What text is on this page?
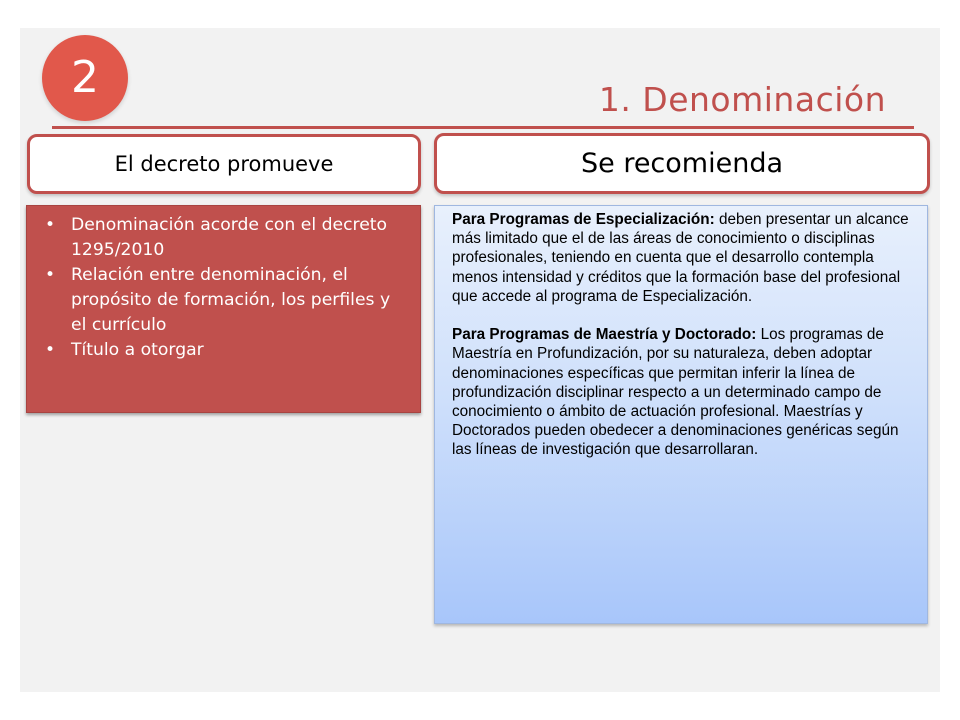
2	1. Denominación
El decreto promueve	Se recomienda
• Denominación acorde con el decreto 1295/2010
• Relación entre denominación, el propósito de formación, los perfiles y el currículo
• Título a otorgar

Para Programas de Especialización: deben presentar un alcance más limitado que el de las áreas de conocimiento o disciplinas profesionales, teniendo en cuenta que el desarrollo contempla menos intensidad y créditos que la formación base del profesional que accede al programa de Especialización.

Para Programas de Maestría y Doctorado: Los programas de Maestría en Profundización, por su naturaleza, deben adoptar denominaciones específicas que permitan inferir la línea de profundización disciplinar respecto a un determinado campo de conocimiento o ámbito de actuación profesional. Maestrías y Doctorados pueden obedecer a denominaciones genéricas según las líneas de investigación que desarrollaran.
